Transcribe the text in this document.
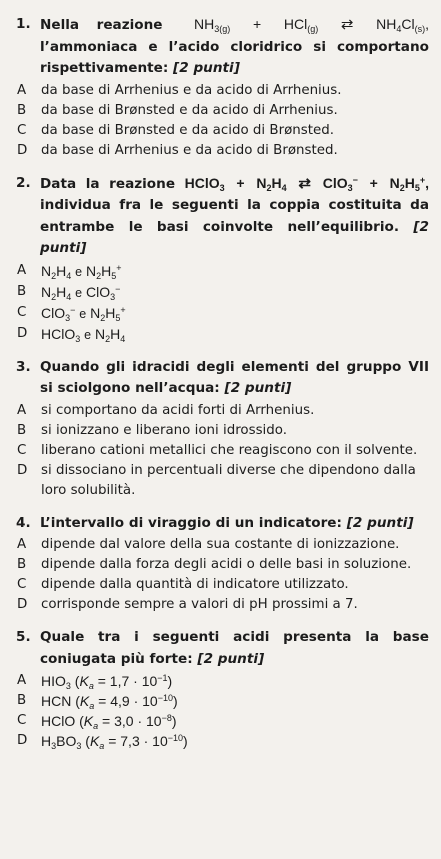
1. Nella reazione $NH_{3(g)} + HCl_{(g)}$ ⇄ $NH_4Cl_{(s)}$, l’ammoniaca e l’acido cloridrico si comportano rispettivamente: [2 punti]
A	da base di Arrhenius e da acido di Arrhenius.
B	da base di Brønsted e da acido di Arrhenius.
C	da base di Brønsted e da acido di Brønsted.
D	da base di Arrhenius e da acido di Brønsted.
2. Data la reazione HClO$_3$ + $N_2H_4$ ⇄ $ClO_3^- + N_2H_5^+$, individua fra le seguenti la coppia costituita da entrambe le basi coinvolte nell’equilibrio. [2 punti]
A	$N_2H_4$ e $N_2H_5^+$
B	$N_2H_4$ e ClO$_3$−
C	ClO$_3$− e $N_2H_5^+$
D HClO$_3$ e $N_2H_4$
3. Quando gli idracidi degli elementi del gruppo VII si sciolgono nell’acqua: [2 punti]
A	si comportano da acidi forti di Arrhenius.
B	si ionizzano e liberano ioni idrossido.
C	liberano cationi metallici che reagiscono con il solvente.
D	si dissociano in percentuali diverse che dipendono dalla loro solubilità.
4. L’intervallo di viraggio di un indicatore: [2 punti]
A	dipende dal valore della sua costante di ionizzazione.
B	dipende dalla forza degli acidi o delle basi in soluzione.
C	dipende dalla quantità di indicatore utilizzato.
D	corrisponde sempre a valori di pH prossimi a 7.
5. Quale tra i seguenti acidi presenta la base coniugata più forte: [2 punti]
A	$HIO_3$ $(K_a = 1,7 \cdot 10^{-1})$
B	HCN $(K_a = 4,9 \cdot 10^{-10})$
C	HClO $(K_a = 3,0 \cdot 10^{-8})$
D $H_3BO_3$ $(K_a = 7,3 \cdot 10^{-10})$
